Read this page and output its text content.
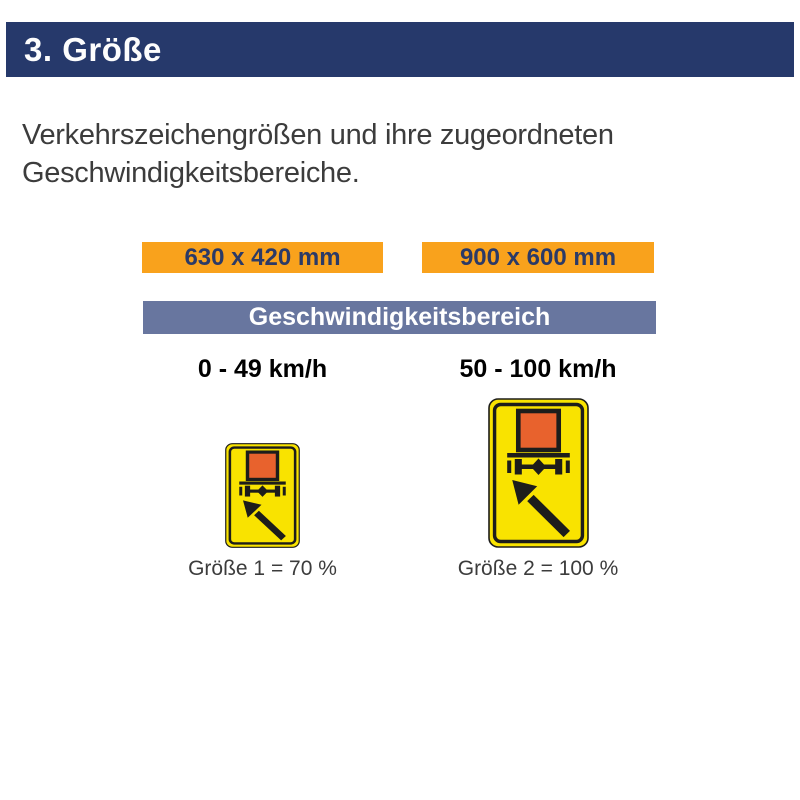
3. Größe
Verkehrszeichengrößen und ihre zugeordneten
Geschwindigkeitsbereiche.
Geschwindigkeitsbereich
630 x 420 mm
0 - 49 km/h
Größe 1 = 70 %
900 x 600 mm
50 - 100 km/h
Größe 2 = 100 %
